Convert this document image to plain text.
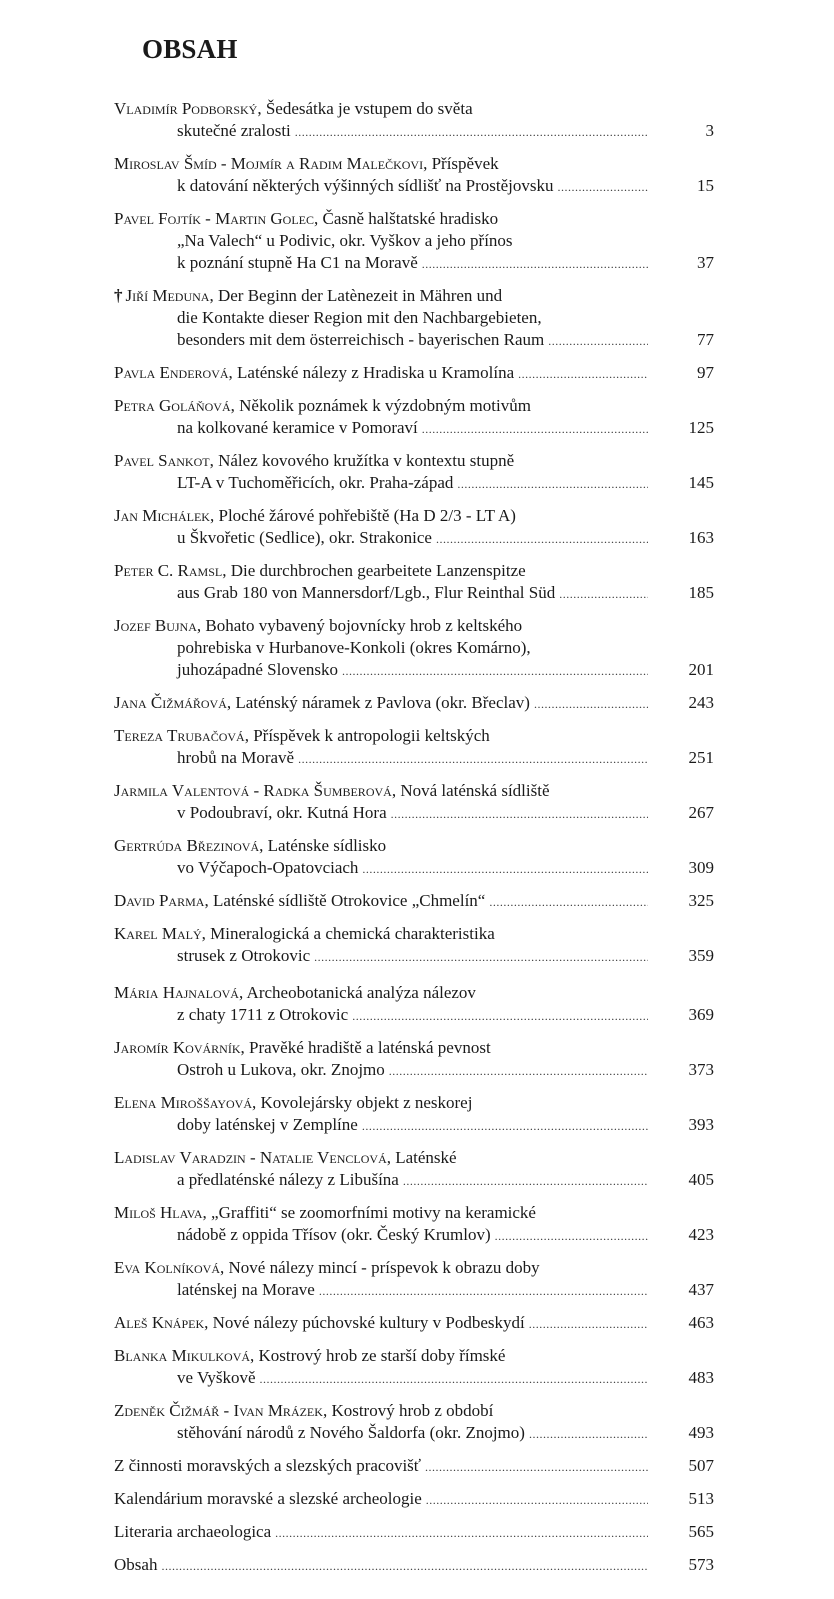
OBSAH
Vladimír Podborský, Šedesátka je vstupem do světa
skutečné zralosti .....	3
Miroslav Šmíd - Mojmír a Radim Malečkovi, Příspěvek
k datování některých výšinných sídlišť na Prostějovsku .....	15
Pavel Fojtík - Martin Golec, Časně halštatské hradisko
„Na Valech“ u Podivic, okr. Vyškov a jeho přínos
k poznání stupně Ha C1 na Moravě .....	37
† Jiří Meduna, Der Beginn der Latènezeit in Mähren und
die Kontakte dieser Region mit den Nachbargebieten,
besonders mit dem österreichisch - bayerischen Raum .....	77
Pavla Enderová, Laténské nálezy z Hradiska u Kramolína .....	97
Petra Goláňová, Několik poznámek k výzdobným motivům
na kolkované keramice v Pomoraví .....	125
Pavel Sankot, Nález kovového kružítka v kontextu stupně
LT-A v Tuchoměřicích, okr. Praha-západ .....	145
Jan Michálek, Ploché žárové pohřebiště (Ha D 2/3 - LT A)
u Škvořetic (Sedlice), okr. Strakonice .....	163
Peter C. Ramsl, Die durchbrochen gearbeitete Lanzenspitze
aus Grab 180 von Mannersdorf/Lgb., Flur Reinthal Süd .....	185
Jozef Bujna, Bohato vybavený bojovnícky hrob z keltského
pohrebiska v Hurbanove-Konkoli (okres Komárno),
juhozápadné Slovensko .....	201
Jana Čižmářová, Laténský náramek z Pavlova (okr. Břeclav) .....	243
Tereza Trubačová, Příspěvek k antropologii keltských
hrobů na Moravě .....	251
Jarmila Valentová - Radka Šumberová, Nová laténská sídliště
v Podoubraví, okr. Kutná Hora .....	267
Gertrúda Březinová, Laténske sídlisko
vo Výčapoch-Opatovciach .....	309
David Parma, Laténské sídliště Otrokovice „Chmelín“ .....	325
Karel Malý, Mineralogická a chemická charakteristika
strusek z Otrokovic .....	359
Mária Hajnalová, Archeobotanická analýza nálezov
z chaty 1711 z Otrokovic .....	369
Jaromír Kovárník, Pravěké hradiště a laténská pevnost
Ostroh u Lukova, okr. Znojmo .....	373
Elena Miroššayová, Kovolejársky objekt z neskorej
doby laténskej v Zemplíne .....	393
Ladislav Varadzin - Natalie Venclová, Laténské
a předlaténské nálezy z Libušína .....	405
Miloš Hlava, „Graffiti“ se zoomorfními motivy na keramické
nádobě z oppida Třísov (okr. Český Krumlov) .....	423
Eva Kolníková, Nové nálezy mincí - príspevok k obrazu doby
laténskej na Morave .....	437
Aleš Knápek, Nové nálezy púchovské kultury v Podbeskydí .....	463
Blanka Mikulková, Kostrový hrob ze starší doby římské
ve Vyškově .....	483
Zdeněk Čižmář - Ivan Mrázek, Kostrový hrob z období
stěhování národů z Nového Šaldorfa (okr. Znojmo) .....	493
Z činnosti moravských a slezských pracovišť .....	507
Kalendárium moravské a slezské archeologie .....	513
Literaria archaeologica .....	565
Obsah .....	573
